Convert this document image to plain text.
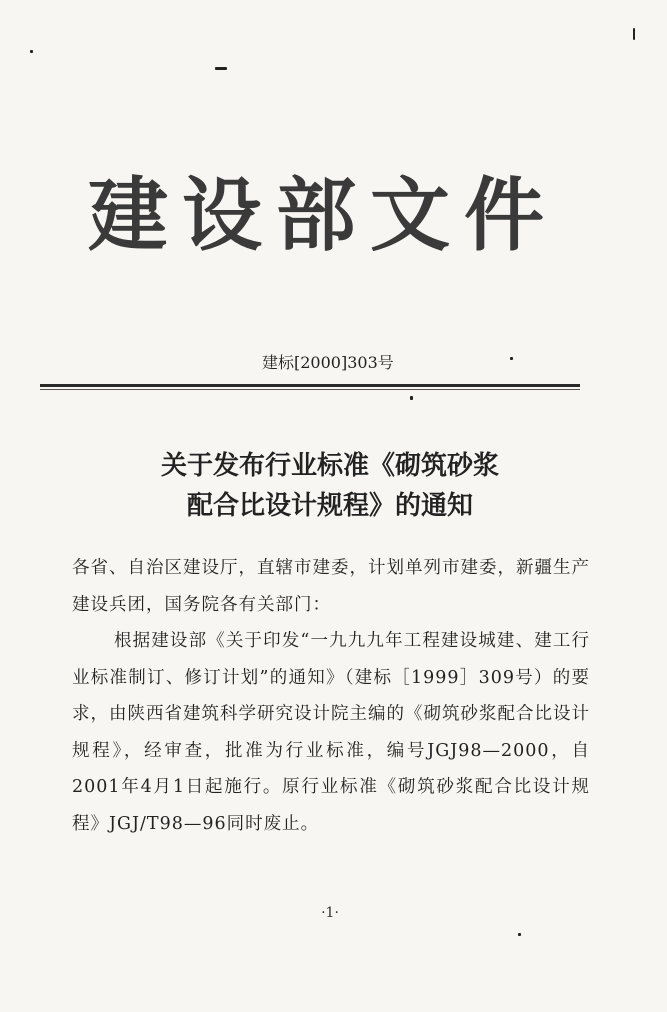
建设部文件
建标[2000]303号
关于发布行业标准《砌筑砂浆
配合比设计规程》的通知

各省、自治区建设厅，直辖市建委，计划单列市建委，新疆生产建设兵团，国务院各有关部门：

根据建设部《关于印发“一九九九年工程建设城建、建工行业标准制订、修订计划”的通知》（建标［1999］309号）的要求，由陕西省建筑科学研究设计院主编的《砌筑砂浆配合比设计规程》，经审查，批准为行业标准，编号JGJ98—2000，自2001年4月1日起施行。原行业标准《砌筑砂浆配合比设计规程》JGJ/T98—96同时废止。

·1·
